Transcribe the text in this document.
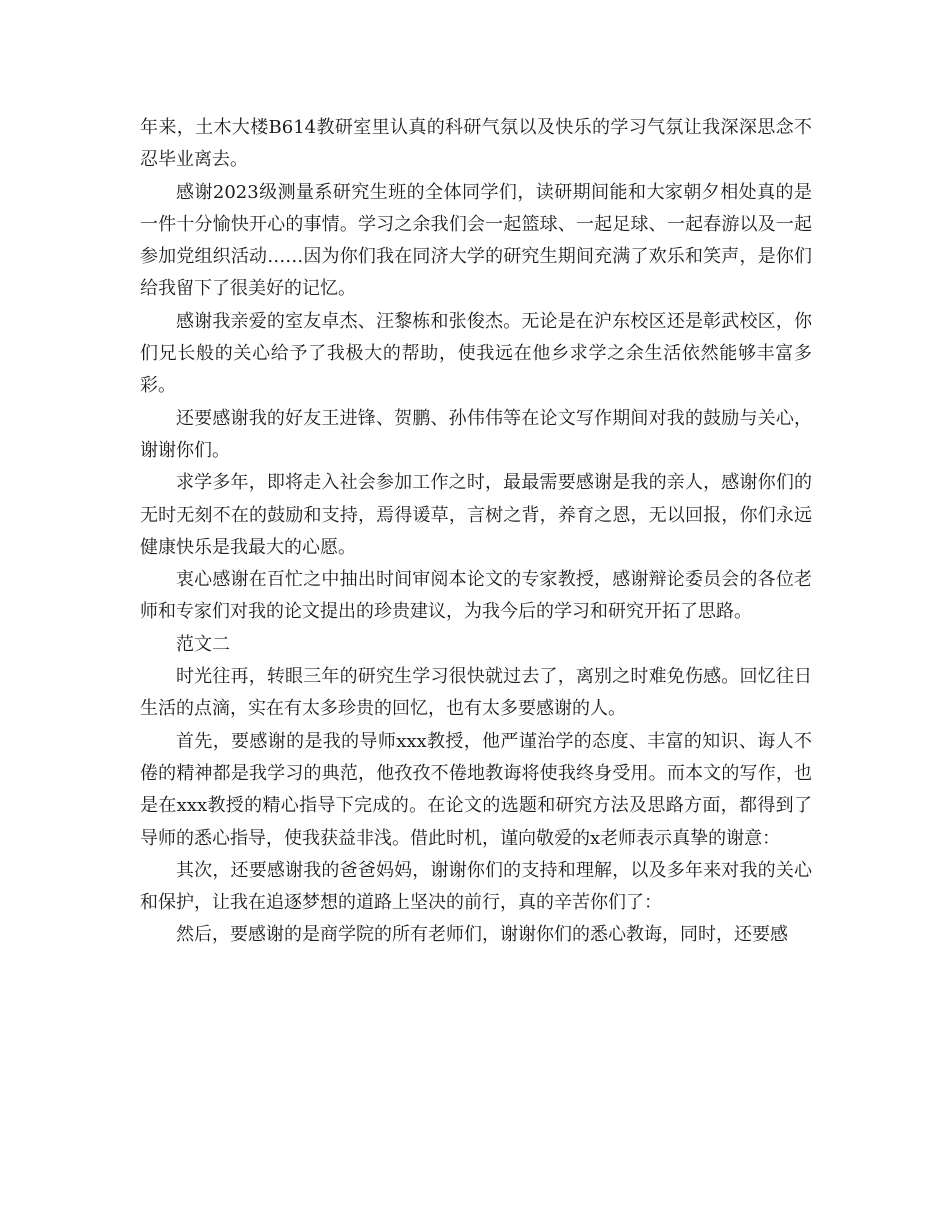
年来，土木大楼B614教研室里认真的科研气氛以及快乐的学习气氛让我深深思念不忍毕业离去。

感谢2023级测量系研究生班的全体同学们，读研期间能和大家朝夕相处真的是一件十分愉快开心的事情。学习之余我们会一起篮球、一起足球、一起春游以及一起参加党组织活动……因为你们我在同济大学的研究生期间充满了欢乐和笑声，是你们给我留下了很美好的记忆。

感谢我亲爱的室友卓杰、汪黎栋和张俊杰。无论是在沪东校区还是彰武校区，你们兄长般的关心给予了我极大的帮助，使我远在他乡求学之余生活依然能够丰富多彩。

还要感谢我的好友王进锋、贺鹏、孙伟伟等在论文写作期间对我的鼓励与关心，谢谢你们。

求学多年，即将走入社会参加工作之时，最最需要感谢是我的亲人，感谢你们的无时无刻不在的鼓励和支持，焉得谖草，言树之背，养育之恩，无以回报，你们永远健康快乐是我最大的心愿。

衷心感谢在百忙之中抽出时间审阅本论文的专家教授，感谢辩论委员会的各位老师和专家们对我的论文提出的珍贵建议，为我今后的学习和研究开拓了思路。

范文二

时光往再，转眼三年的研究生学习很快就过去了，离别之时难免伤感。回忆往日生活的点滴，实在有太多珍贵的回忆，也有太多要感谢的人。

首先，要感谢的是我的导师xxx教授，他严谨治学的态度、丰富的知识、诲人不倦的精神都是我学习的典范，他孜孜不倦地教诲将使我终身受用。而本文的写作，也是在xxx教授的精心指导下完成的。在论文的选题和研究方法及思路方面，都得到了导师的悉心指导，使我获益非浅。借此时机，谨向敬爱的x老师表示真挚的谢意：

其次，还要感谢我的爸爸妈妈，谢谢你们的支持和理解，以及多年来对我的关心和保护，让我在追逐梦想的道路上坚决的前行，真的辛苦你们了：

然后，要感谢的是商学院的所有老师们，谢谢你们的悉心教诲，同时，还要感
